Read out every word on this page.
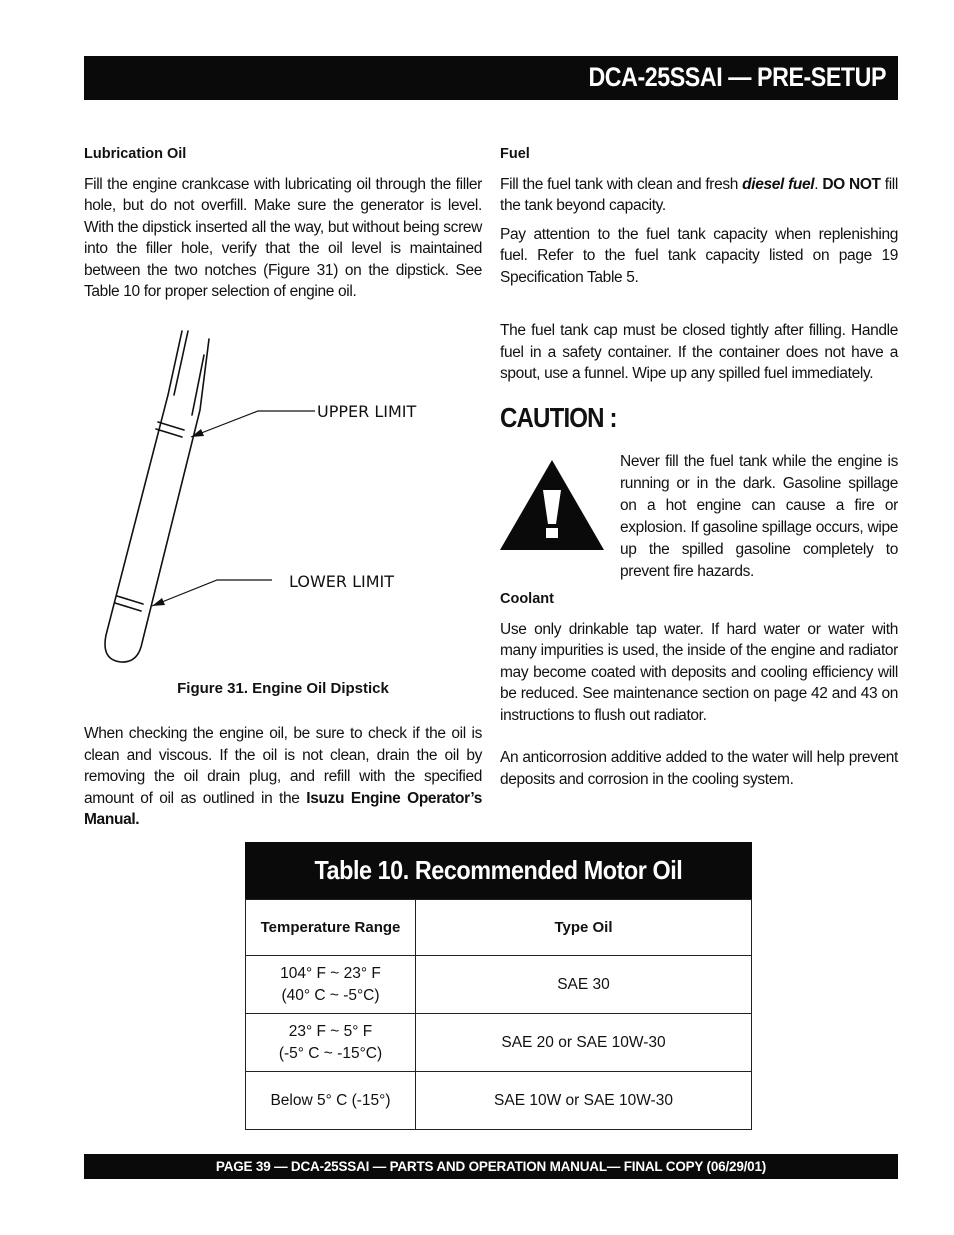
DCA-25SSAI — PRE-SETUP
Lubrication Oil

Fill the engine crankcase with lubricating oil through the filler hole, but do not overfill. Make sure the generator is level. With the dipstick inserted all the way, but without being screw into the filler hole, verify that the oil level is maintained between the two notches (Figure 31) on the dipstick. See Table 10 for proper selection of engine oil.

UPPER LIMIT
LOWER LIMIT
Figure 31. Engine Oil Dipstick

When checking the engine oil, be sure to check if the oil is clean and viscous. If the oil is not clean, drain the oil by removing the oil drain plug, and refill with the specified amount of oil as outlined in the Isuzu Engine Operator’s Manual.

Fuel

Fill the fuel tank with clean and fresh diesel fuel. DO NOT fill the tank beyond capacity.

Pay attention to the fuel tank capacity when replenishing fuel. Refer to the fuel tank capacity listed on page 19 Specification Table 5.

The fuel tank cap must be closed tightly after filling. Handle fuel in a safety container. If the container does not have a spout, use a funnel. Wipe up any spilled fuel immediately.

CAUTION :
Never fill the fuel tank while the engine is running or in the dark. Gasoline spillage on a hot engine can cause a fire or explosion. If gasoline spillage occurs, wipe up the spilled gasoline completely to prevent fire hazards.
Coolant

Use only drinkable tap water. If hard water or water with many impurities is used, the inside of the engine and radiator may become coated with deposits and cooling efficiency will be reduced. See maintenance section on page 42 and 43 on instructions to flush out radiator.

An anticorrosion additive added to the water will help prevent deposits and corrosion in the cooling system.

Table 10. Recommended Motor Oil
Temperature Range	Type Oil
104° F ~ 23° F
(40° C ~ -5°C)	SAE 30
23° F ~ 5° F
(-5° C ~ -15°C)	SAE 20 or SAE 10W-30
Below 5° C (-15°)	SAE 10W or SAE 10W-30
PAGE 39 — DCA-25SSAI — PARTS AND OPERATION MANUAL— FINAL COPY (06/29/01)
